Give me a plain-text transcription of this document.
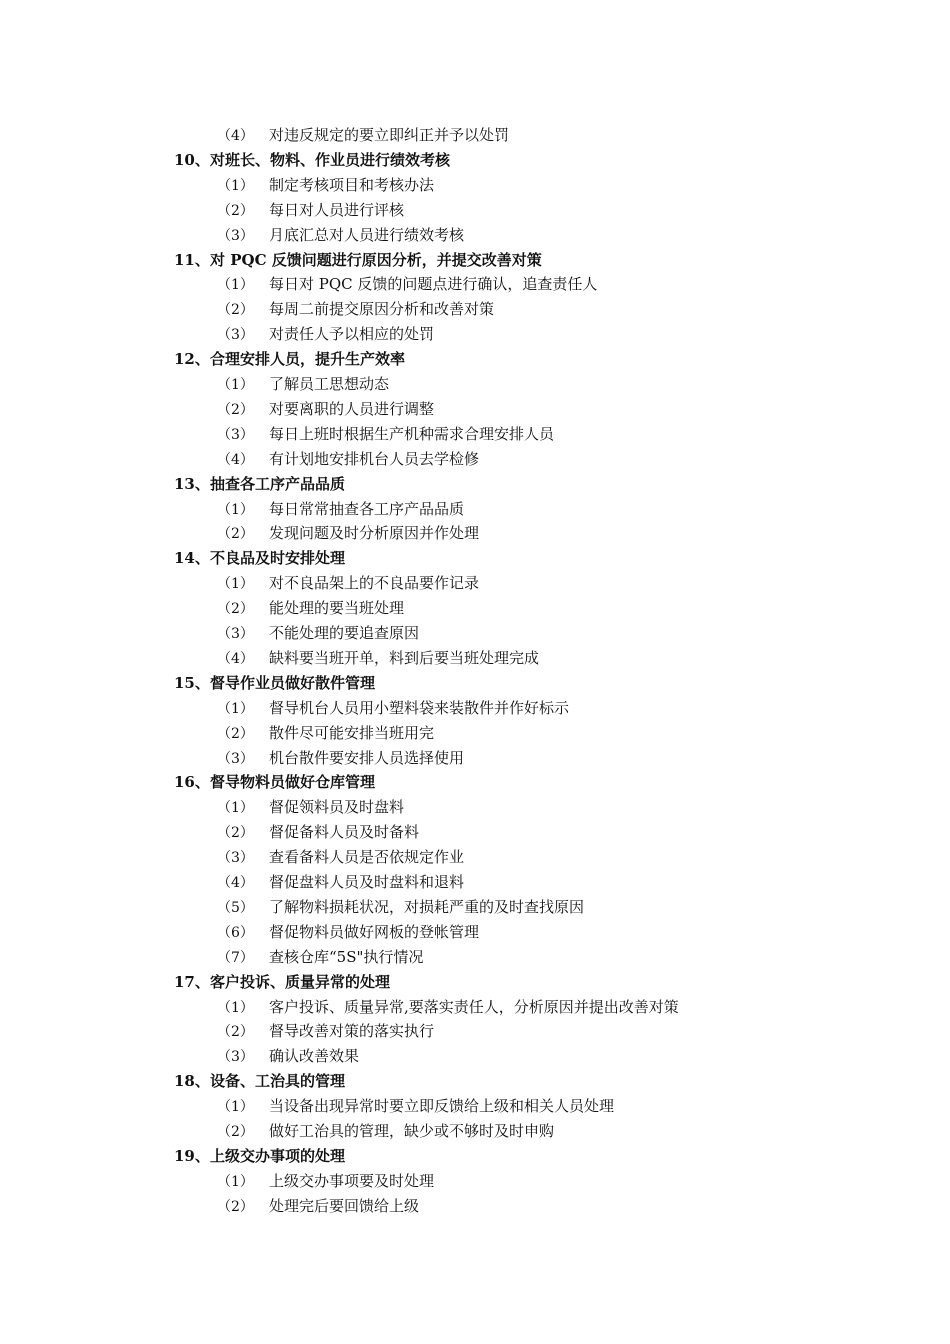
（4） 对违反规定的要立即纠正并予以处罚
10、对班长、物料、作业员进行绩效考核
（1） 制定考核项目和考核办法
（2） 每日对人员进行评核
（3） 月底汇总对人员进行绩效考核
11、对 PQC 反馈问题进行原因分析，并提交改善对策
（1） 每日对 PQC 反馈的问题点进行确认，追查责任人
（2） 每周二前提交原因分析和改善对策
（3） 对责任人予以相应的处罚
12、合理安排人员，提升生产效率
（1） 了解员工思想动态
（2） 对要离职的人员进行调整
（3） 每日上班时根据生产机种需求合理安排人员
（4） 有计划地安排机台人员去学检修
13、抽查各工序产品品质
（1） 每日常常抽查各工序产品品质
（2） 发现问题及时分析原因并作处理
14、不良品及时安排处理
（1） 对不良品架上的不良品要作记录
（2） 能处理的要当班处理
（3） 不能处理的要追查原因
（4） 缺料要当班开单，料到后要当班处理完成
15、督导作业员做好散件管理
（1） 督导机台人员用小塑料袋来装散件并作好标示
（2） 散件尽可能安排当班用完
（3） 机台散件要安排人员选择使用
16、督导物料员做好仓库管理
（1） 督促领料员及时盘料
（2） 督促备料人员及时备料
（3） 查看备料人员是否依规定作业
（4） 督促盘料人员及时盘料和退料
（5） 了解物料损耗状况，对损耗严重的及时查找原因
（6） 督促物料员做好网板的登帐管理
（7） 查核仓库“5S"执行情况
17、客户投诉、质量异常的处理
（1） 客户投诉、质量异常,要落实责任人，分析原因并提出改善对策
（2） 督导改善对策的落实执行
（3） 确认改善效果
18、设备、工治具的管理
（1） 当设备出现异常时要立即反馈给上级和相关人员处理
（2） 做好工治具的管理，缺少或不够时及时申购
19、上级交办事项的处理
（1） 上级交办事项要及时处理
（2） 处理完后要回馈给上级
